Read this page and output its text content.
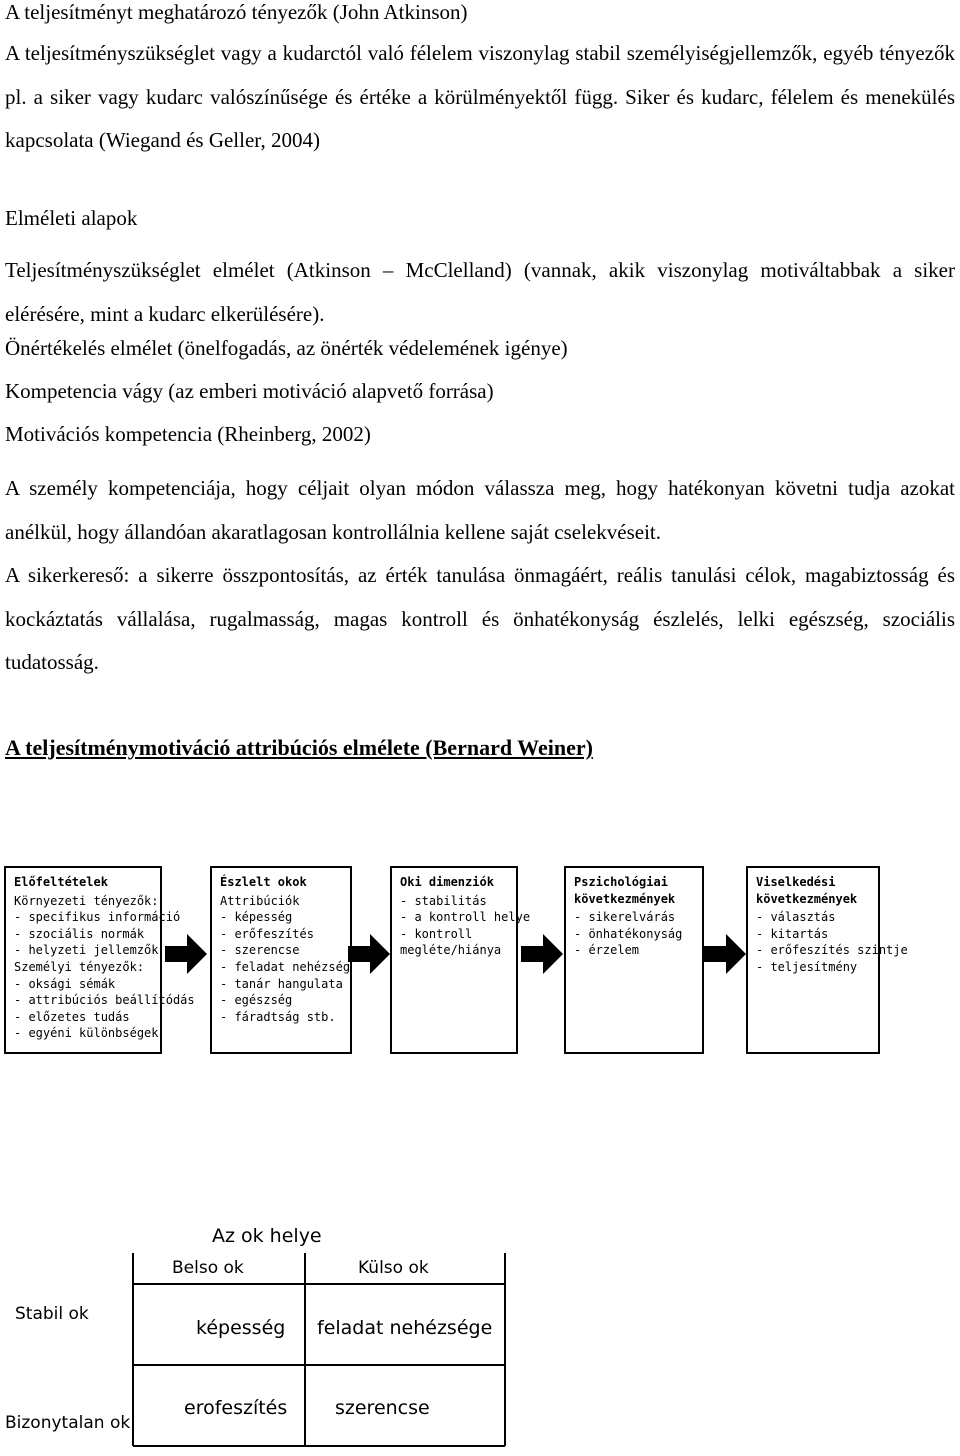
A teljesítményt meghatározó tényezők (John Atkinson)

A teljesítményszükséglet vagy a kudarctól való félelem viszonylag stabil személyiségjellemzők, egyéb tényezők pl. a siker vagy kudarc valószínűsége és értéke a körülményektől függ. Siker és kudarc, félelem és menekülés kapcsolata (Wiegand és Geller, 2004)

Elméleti alapok

Teljesítményszükséglet elmélet (Atkinson – McClelland) (vannak, akik viszonylag motiváltabbak a siker elérésére, mint a kudarc elkerülésére).

Önértékelés elmélet (önelfogadás, az önérték védelemének igénye)
Kompetencia vágy (az emberi motiváció alapvető forrása)
Motivációs kompetencia (Rheinberg, 2002)

A személy kompetenciája, hogy céljait olyan módon válassza meg, hogy hatékonyan követni tudja azokat anélkül, hogy állandóan akaratlagosan kontrollálnia kellene saját cselekvéseit.

A sikerkereső: a sikerre összpontosítás, az érték tanulása önmagáért, reális tanulási célok, magabiztosság és kockáztatás vállalása, rugalmasság, magas kontroll és önhatékonyság észlelés, lelki egészség, szociális tudatosság.

A teljesítménymotiváció attribúciós elmélete (Bernard Weiner)
Előfeltételek
Környezeti tényezők:
- specifikus információ
- szociális normák
- helyzeti jellemzők
Személyi tényezők:
- oksági sémák
- attribúciós beállítódás
- előzetes tudás
- egyéni különbségek
Észlelt okok
Attribúciók
- képesség
- erőfeszítés
- szerencse
- feladat nehézség
- tanár hangulata
- egészség
- fáradtság stb.
Oki dimenziók
- stabilitás
- a kontroll helye
- kontroll
megléte/hiánya
Pszichológiai következmények
- sikerelvárás
- önhatékonyság
- érzelem
Viselkedési következmények
- választás
- kitartás
- erőfeszítés szintje
- teljesítmény
Az ok helye
Belso ok	Külso ok
Stabil ok
Bizonytalan ok
képesség feladat nehézsége
erofeszítés	szerencse
